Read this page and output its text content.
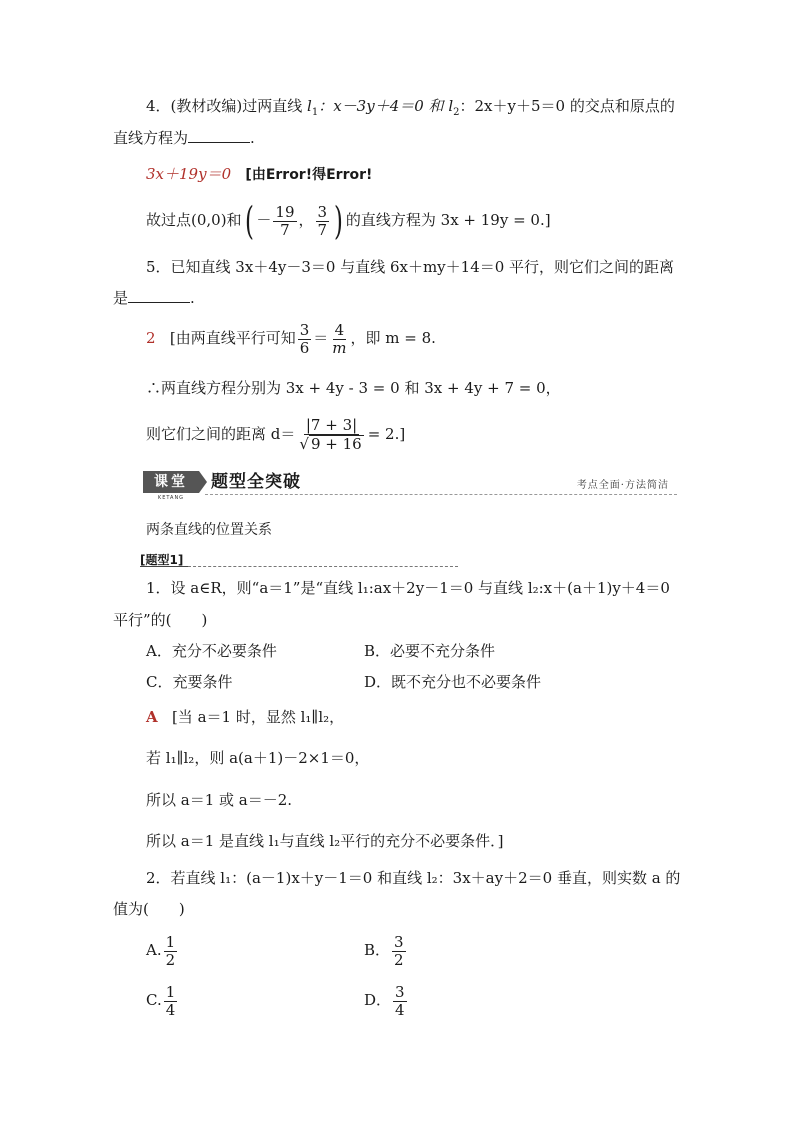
4．(教材改编)过两直线 $l_1$：x－3y＋4＝0 和 $l_2$：2x＋y＋5＝0 的交点和原点的
直线方程为	.
3x＋19y＝0 [由Error!得Error!
故过点(0,0)和( － $\frac{19}{7}$ ， $\frac{3}{7}$ ) 的直线方程为 3x + 19y = 0.]
5．已知直线 3x＋4y－3＝0 与直线 6x＋my＋14＝0 平行，则它们之间的距离
是	.
2 [由两直线平行可知 $\frac{3}{6} = \frac{4}{m}$ ，即 m = 8.
∴两直线方程分别为 3x + 4y - 3 = 0 和 3x + 4y + 7 = 0，
则它们之间的距离 $d= \frac{|7 + 3|}{√ 9 + 16} = 2$.]
课堂
KETANG
题型全突破	考点全面·方法简洁
两条直线的位置关系
[题型1]
1．设 a∈R，则“a＝1”是“直线 l₁:ax＋2y－1＝0 与直线 l₂:x＋(a＋1)y＋4＝0
平行”的(　　)
A．充分不必要条件	B．必要不充分条件
C．充要条件	D．既不充分也不必要条件
A [当 a＝1 时，显然 l₁∥l₂，
若 l₁∥l₂，则 a(a＋1)－2×1＝0，
所以 a＝1 或 a＝－2.
所以 a＝1 是直线 l₁与直线 l₂平行的充分不必要条件．]
2．若直线 l₁：(a－1)x＋y－1＝0 和直线 l₂：3x＋ay＋2＝0 垂直，则实数 a 的
值为(　　)
A. $\frac{1}{2}$	B． $\frac{3}{2}$
C. $\frac{1}{4}$	D． $\frac{3}{4}$
